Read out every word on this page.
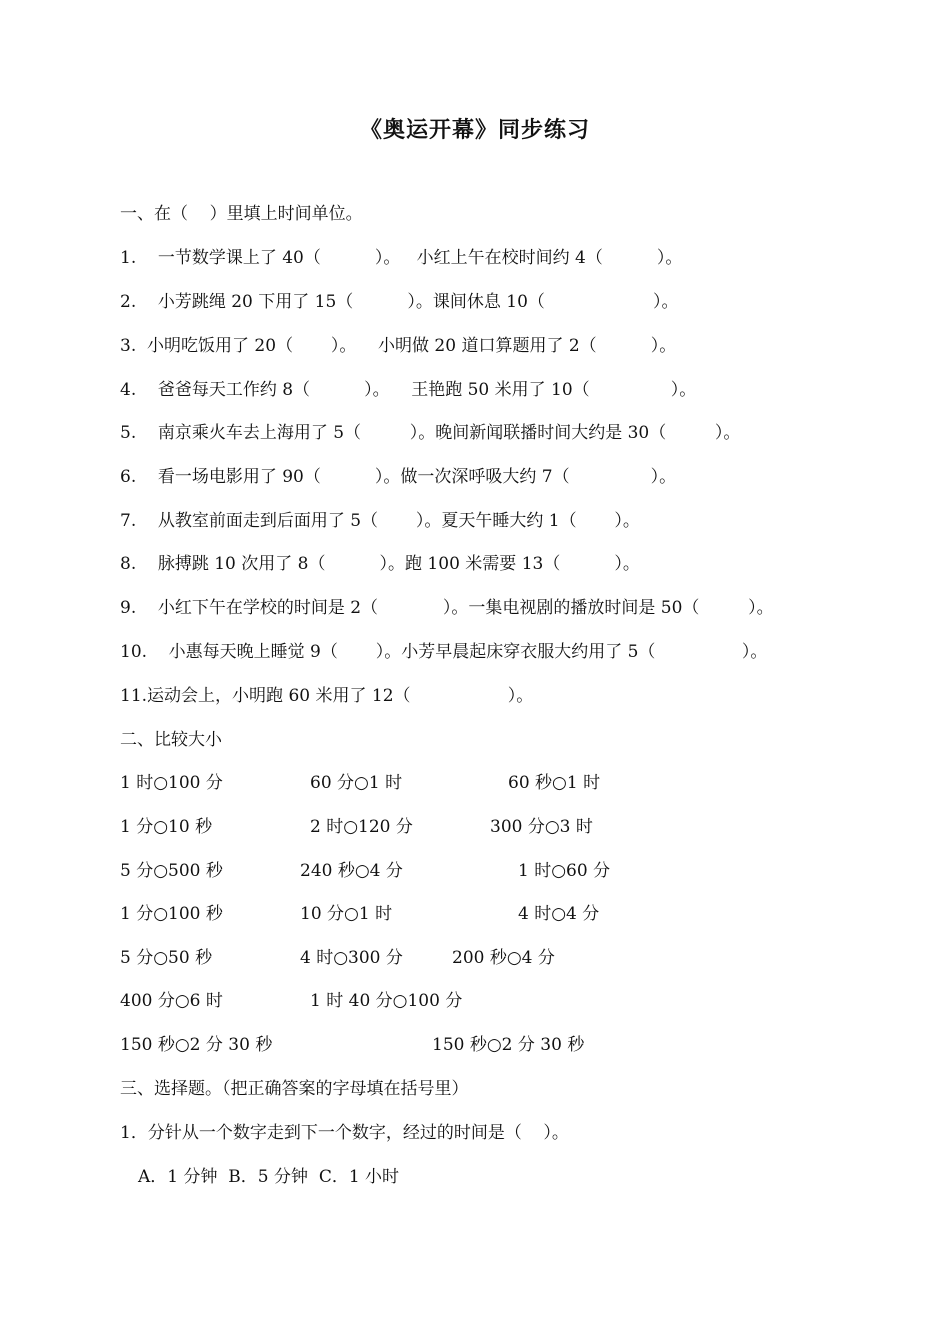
《奥运开幕》同步练习
一、在（    ）里填上时间单位。
1.    一节数学课上了 40（          ）。   小红上午在校时间约 4（          ）。
2.    小芳跳绳 20 下用了 15（          ）。课间休息 10（                    ）。
3.  小明吃饭用了 20（       ）。    小明做 20 道口算题用了 2（          ）。
4.    爸爸每天工作约 8（          ）。    王艳跑 50 米用了 10（               ）。
5.    南京乘火车去上海用了 5（         ）。晚间新闻联播时间大约是 30（         ）。
6.    看一场电影用了 90（          ）。做一次深呼吸大约 7（               ）。
7.    从教室前面走到后面用了 5（       ）。夏天午睡大约 1（       ）。
8.    脉搏跳 10 次用了 8（          ）。跑 100 米需要 13（          ）。
9.    小红下午在学校的时间是 2（            ）。一集电视剧的播放时间是 50（         ）。
10.    小惠每天晚上睡觉 9（       ）。小芳早晨起床穿衣服大约用了 5（                ）。
11.运动会上，小明跑 60 米用了 12（                  ）。
二、比较大小
1 时○100 分	60 分○1 时	60 秒○1 时
1 分○10 秒	2 时○120 分	300 分○3 时
5 分○500 秒	240 秒○4 分	1 时○60 分
1 分○100 秒	10 分○1 时	4 时○4 分
5 分○50 秒	4 时○300 分	200 秒○4 分
400 分○6 时	1 时 40 分○100 分
150 秒○2 分 30 秒	150 秒○2 分 30 秒
三、选择题。（把正确答案的字母填在括号里）
1．分针从一个数字走到下一个数字，经过的时间是（    ）。
A．1 分钟  B．5 分钟  C．1 小时
